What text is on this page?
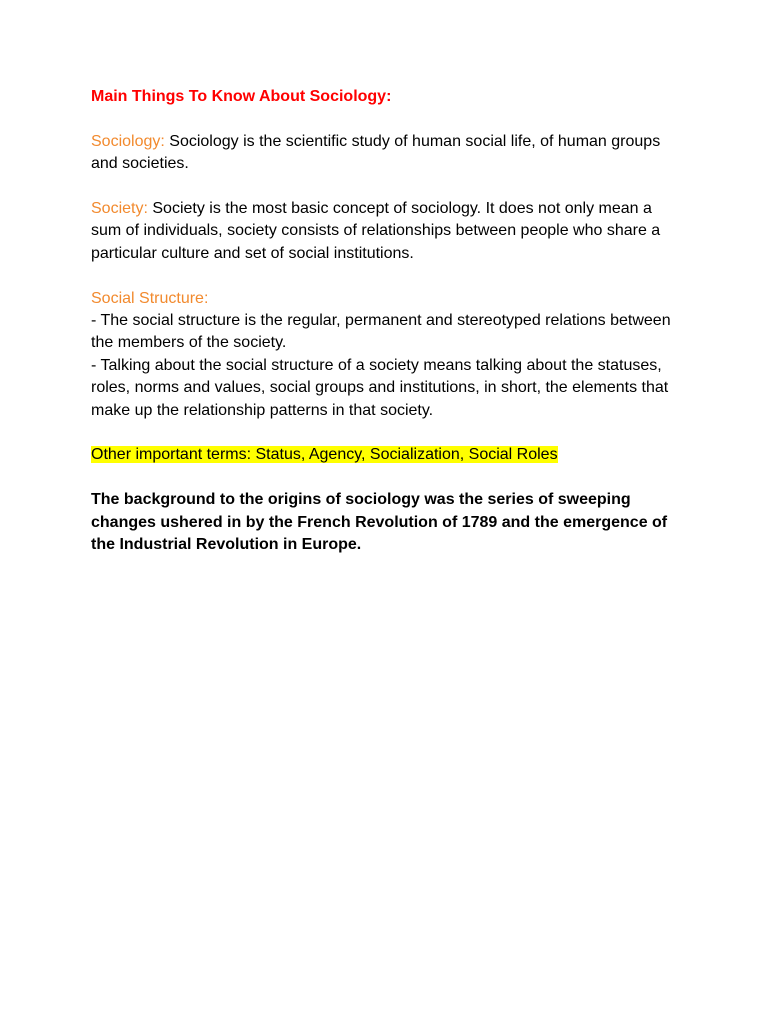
Main Things To Know About Sociology:

Sociology: Sociology is the scientific study of human social life, of human groups and societies.

Society: Society is the most basic concept of sociology. It does not only mean a sum of individuals, society consists of relationships between people who share a particular culture and set of social institutions.

Social Structure:

- The social structure is the regular, permanent and stereotyped relations between the members of the society.

- Talking about the social structure of a society means talking about the statuses, roles, norms and values, social groups and institutions, in short, the elements that make up the relationship patterns in that society.

Other important terms: Status, Agency, Socialization, Social Roles

The background to the origins of sociology was the series of sweeping changes ushered in by the French Revolution of 1789 and the emergence of the Industrial Revolution in Europe.
